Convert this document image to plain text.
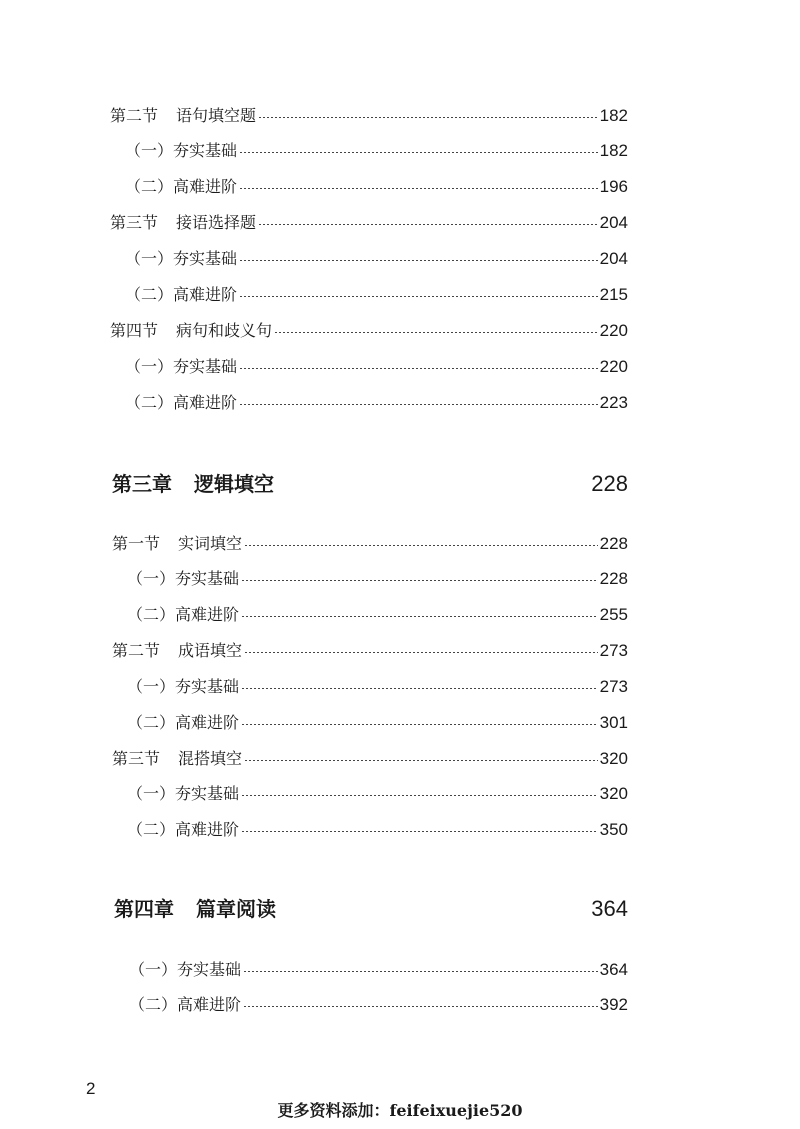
第二节 语句填空题	182
（一）夯实基础	182
（二）高难进阶	196
第三节 接语选择题	204
（一）夯实基础	204
（二）高难进阶	215
第四节 病句和歧义句	220
（一）夯实基础	220
（二）高难进阶	223
第三章 逻辑填空	228
第一节 实词填空	228
（一）夯实基础	228
（二）高难进阶	255
第二节 成语填空	273
（一）夯实基础	273
（二）高难进阶	301
第三节 混搭填空	320
（一）夯实基础	320
（二）高难进阶	350
第四章 篇章阅读	364
（一）夯实基础	364
（二）高难进阶	392
2
更多资料添加：feifeixuejie520
